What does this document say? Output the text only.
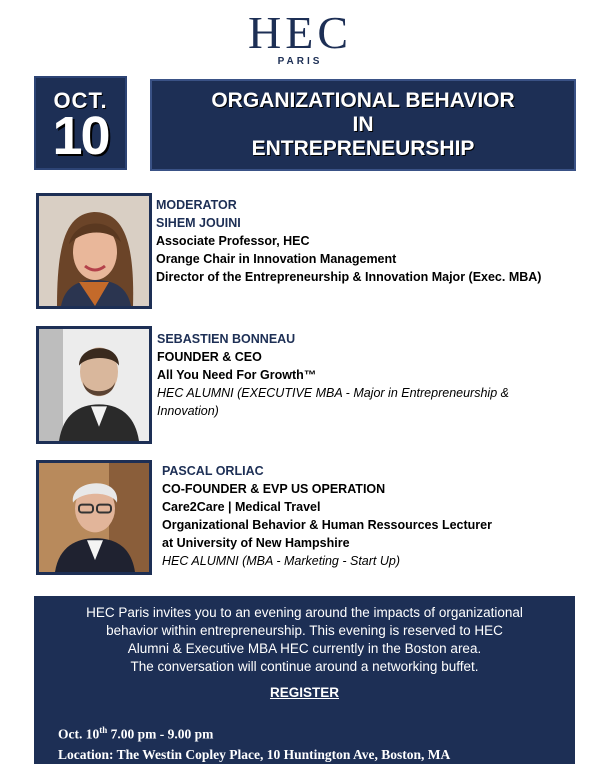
HEC
PARIS
OCT.
10
ORGANIZATIONAL BEHAVIOR
IN
ENTREPRENEURSHIP
MODERATOR
SIHEM JOUINI
Associate Professor, HEC
Orange Chair in Innovation Management
Director of the Entrepreneurship & Innovation Major (Exec. MBA)
SEBASTIEN BONNEAU
FOUNDER & CEO
All You Need For Growth™
HEC ALUMNI (EXECUTIVE MBA - Major in Entrepreneurship &
Innovation)
PASCAL ORLIAC
CO-FOUNDER & EVP US OPERATION
Care2Care | Medical Travel
Organizational Behavior & Human Ressources Lecturer
at University of New Hampshire
HEC ALUMNI (MBA - Marketing - Start Up)
HEC Paris invites you to an evening around the impacts of organizational
behavior within entrepreneurship. This evening is reserved to HEC
Alumni & Executive MBA HEC currently in the Boston area.
The conversation will continue around a networking buffet.
REGISTER
Oct. 10th 7.00 pm - 9.00 pm
Location: The Westin Copley Place, 10 Huntington Ave, Boston, MA
